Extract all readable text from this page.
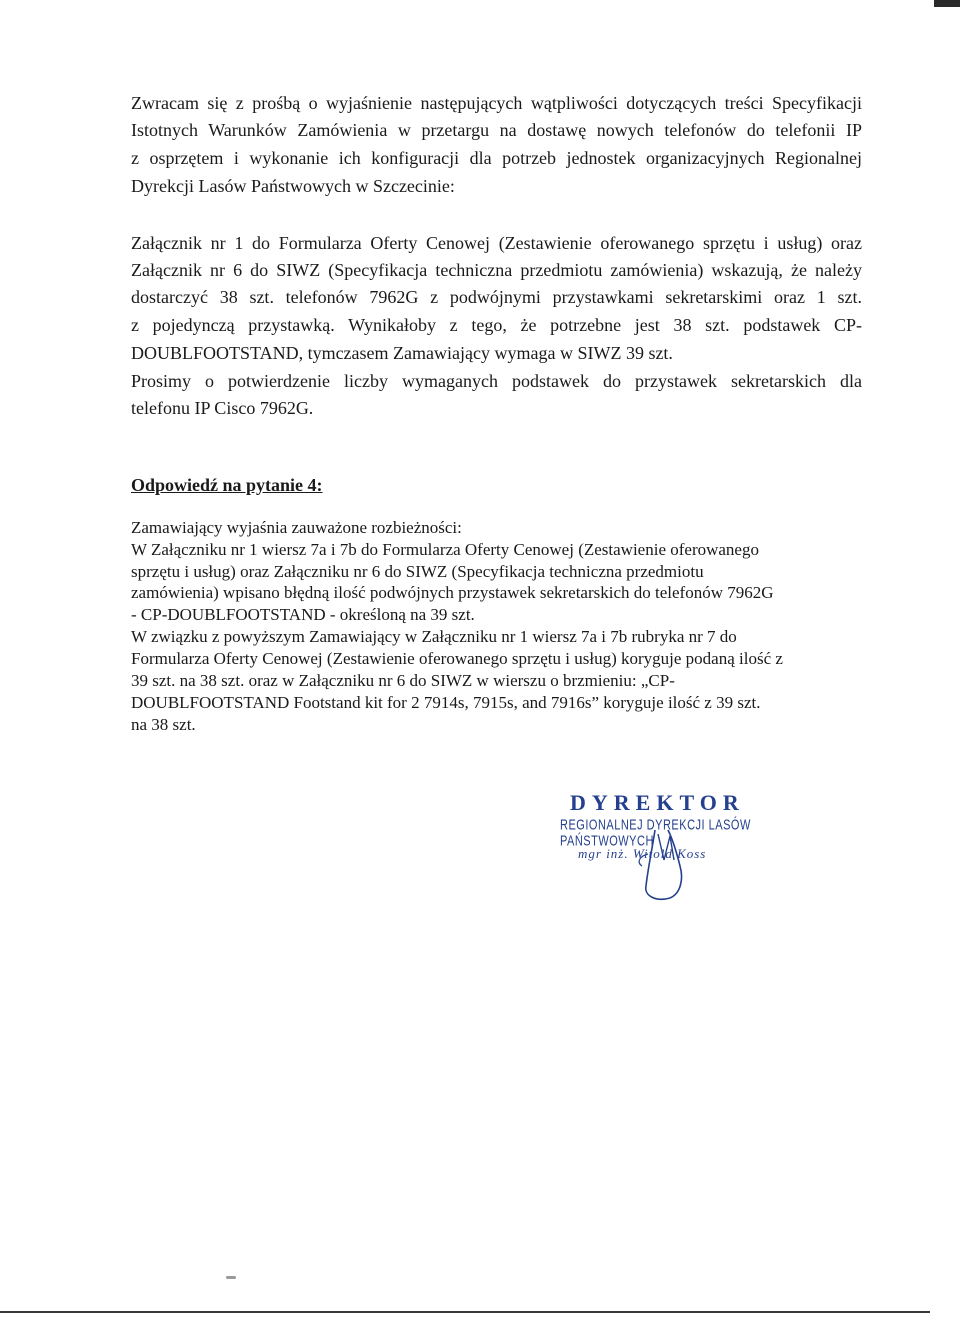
Zwracam się z prośbą o wyjaśnienie następujących wątpliwości dotyczących treści Specyfikacji
Istotnych Warunków Zamówienia w przetargu na dostawę nowych telefonów do telefonii IP
z osprzętem i wykonanie ich konfiguracji dla potrzeb jednostek organizacyjnych Regionalnej
Dyrekcji Lasów Państwowych w Szczecinie:
Załącznik nr 1 do Formularza Oferty Cenowej (Zestawienie oferowanego sprzętu i usług) oraz
Załącznik nr 6 do SIWZ (Specyfikacja techniczna przedmiotu zamówienia) wskazują, że należy
dostarczyć 38 szt. telefonów 7962G z podwójnymi przystawkami sekretarskimi oraz 1 szt.
z pojedynczą przystawką. Wynikałoby z tego, że potrzebne jest 38 szt. podstawek CP-
DOUBLFOOTSTAND, tymczasem Zamawiający wymaga w SIWZ 39 szt.
Prosimy o potwierdzenie liczby wymaganych podstawek do przystawek sekretarskich dla
telefonu IP Cisco 7962G.
Odpowiedź na pytanie 4:
Zamawiający wyjaśnia zauważone rozbieżności:
W Załączniku nr 1 wiersz 7a i 7b do Formularza Oferty Cenowej (Zestawienie oferowanego
sprzętu i usług) oraz Załączniku nr 6 do SIWZ (Specyfikacja techniczna przedmiotu
zamówienia) wpisano błędną ilość podwójnych przystawek sekretarskich do telefonów 7962G
- CP-DOUBLFOOTSTAND - określoną na 39 szt.
W związku z powyższym Zamawiający w Załączniku nr 1 wiersz 7a i 7b rubryka nr 7 do
Formularza Oferty Cenowej (Zestawienie oferowanego sprzętu i usług) koryguje podaną ilość z
39 szt. na 38 szt. oraz w Załączniku nr 6 do SIWZ w wierszu o brzmieniu: „CP-
DOUBLFOOTSTAND Footstand kit for 2 7914s, 7915s, and 7916s” koryguje ilość z 39 szt.
na 38 szt.
DYREKTOR
REGIONALNEJ DYREKCJI LASÓW PAŃSTWOWYCH
mgr inż. Witold Koss
